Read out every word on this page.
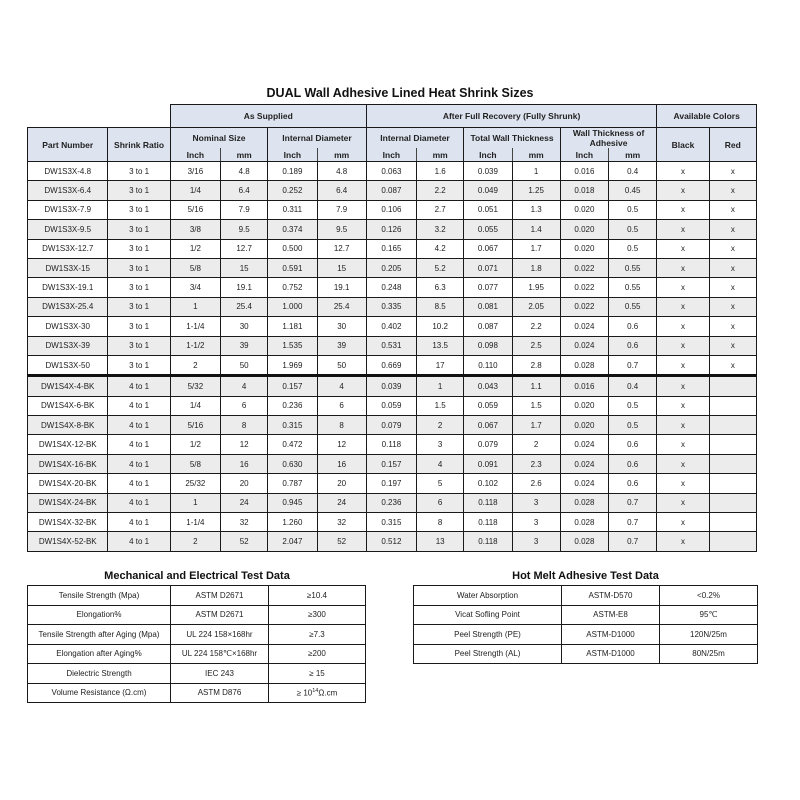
DUAL Wall Adhesive Lined Heat Shrink Sizes
		As Supplied				After Full Recovery (Fully Shrunk)						Available Colors	
Part Number	Shrink Ratio	Nominal Size		Internal Diameter		Internal Diameter		Total Wall Thickness		Wall Thickness of Adhesive		Black	Red
		Inch	mm	Inch	mm	Inch	mm	Inch	mm	Inch	mm		
DW1S3X-4.8	3 to 1	3/16	4.8	0.189	4.8	0.063	1.6	0.039	1	0.016	0.4	x	x
DW1S3X-6.4	3 to 1	1/4	6.4	0.252	6.4	0.087	2.2	0.049	1.25	0.018	0.45	x	x
DW1S3X-7.9	3 to 1	5/16	7.9	0.311	7.9	0.106	2.7	0.051	1.3	0.020	0.5	x	x
DW1S3X-9.5	3 to 1	3/8	9.5	0.374	9.5	0.126	3.2	0.055	1.4	0.020	0.5	x	x
DW1S3X-12.7	3 to 1	1/2	12.7	0.500	12.7	0.165	4.2	0.067	1.7	0.020	0.5	x	x
DW1S3X-15	3 to 1	5/8	15	0.591	15	0.205	5.2	0.071	1.8	0.022	0.55	x	x
DW1S3X-19.1	3 to 1	3/4	19.1	0.752	19.1	0.248	6.3	0.077	1.95	0.022	0.55	x	x
DW1S3X-25.4	3 to 1	1	25.4	1.000	25.4	0.335	8.5	0.081	2.05	0.022	0.55	x	x
DW1S3X-30	3 to 1	1-1/4	30	1.181	30	0.402	10.2	0.087	2.2	0.024	0.6	x	x
DW1S3X-39	3 to 1	1-1/2	39	1.535	39	0.531	13.5	0.098	2.5	0.024	0.6	x	x
DW1S3X-50	3 to 1	2	50	1.969	50	0.669	17	0.110	2.8	0.028	0.7	x	x
DW1S4X-4-BK	4 to 1	5/32	4	0.157	4	0.039	1	0.043	1.1	0.016	0.4	x	
DW1S4X-6-BK	4 to 1	1/4	6	0.236	6	0.059	1.5	0.059	1.5	0.020	0.5	x	
DW1S4X-8-BK	4 to 1	5/16	8	0.315	8	0.079	2	0.067	1.7	0.020	0.5	x	
DW1S4X-12-BK	4 to 1	1/2	12	0.472	12	0.118	3	0.079	2	0.024	0.6	x	
DW1S4X-16-BK	4 to 1	5/8	16	0.630	16	0.157	4	0.091	2.3	0.024	0.6	x	
DW1S4X-20-BK	4 to 1	25/32	20	0.787	20	0.197	5	0.102	2.6	0.024	0.6	x	
DW1S4X-24-BK	4 to 1	1	24	0.945	24	0.236	6	0.118	3	0.028	0.7	x	
DW1S4X-32-BK	4 to 1	1-1/4	32	1.260	32	0.315	8	0.118	3	0.028	0.7	x	
DW1S4X-52-BK	4 to 1	2	52	2.047	52	0.512	13	0.118	3	0.028	0.7	x	
Mechanical and Electrical Test Data
Tensile Strength (Mpa)	ASTM D2671	≥10.4
Elongation%	ASTM D2671	≥300
Tensile Strength after Aging (Mpa)	UL 224 158×168hr	≥7.3
Elongation after Aging%	UL 224 158℃×168hr	≥200
Dielectric Strength	IEC 243	≥ 15
Volume Resistance (Ω.cm)	ASTM D876	≥ $10^{14}\Omega.cm$
Hot Melt Adhesive Test Data
Water Absorption	ASTM-D570	<0.2%
Vicat Sofling Point	ASTM-E8	95℃
Peel Strength (PE)	ASTM-D1000	120N/25m
Peel Strength (AL)	ASTM-D1000	80N/25m
